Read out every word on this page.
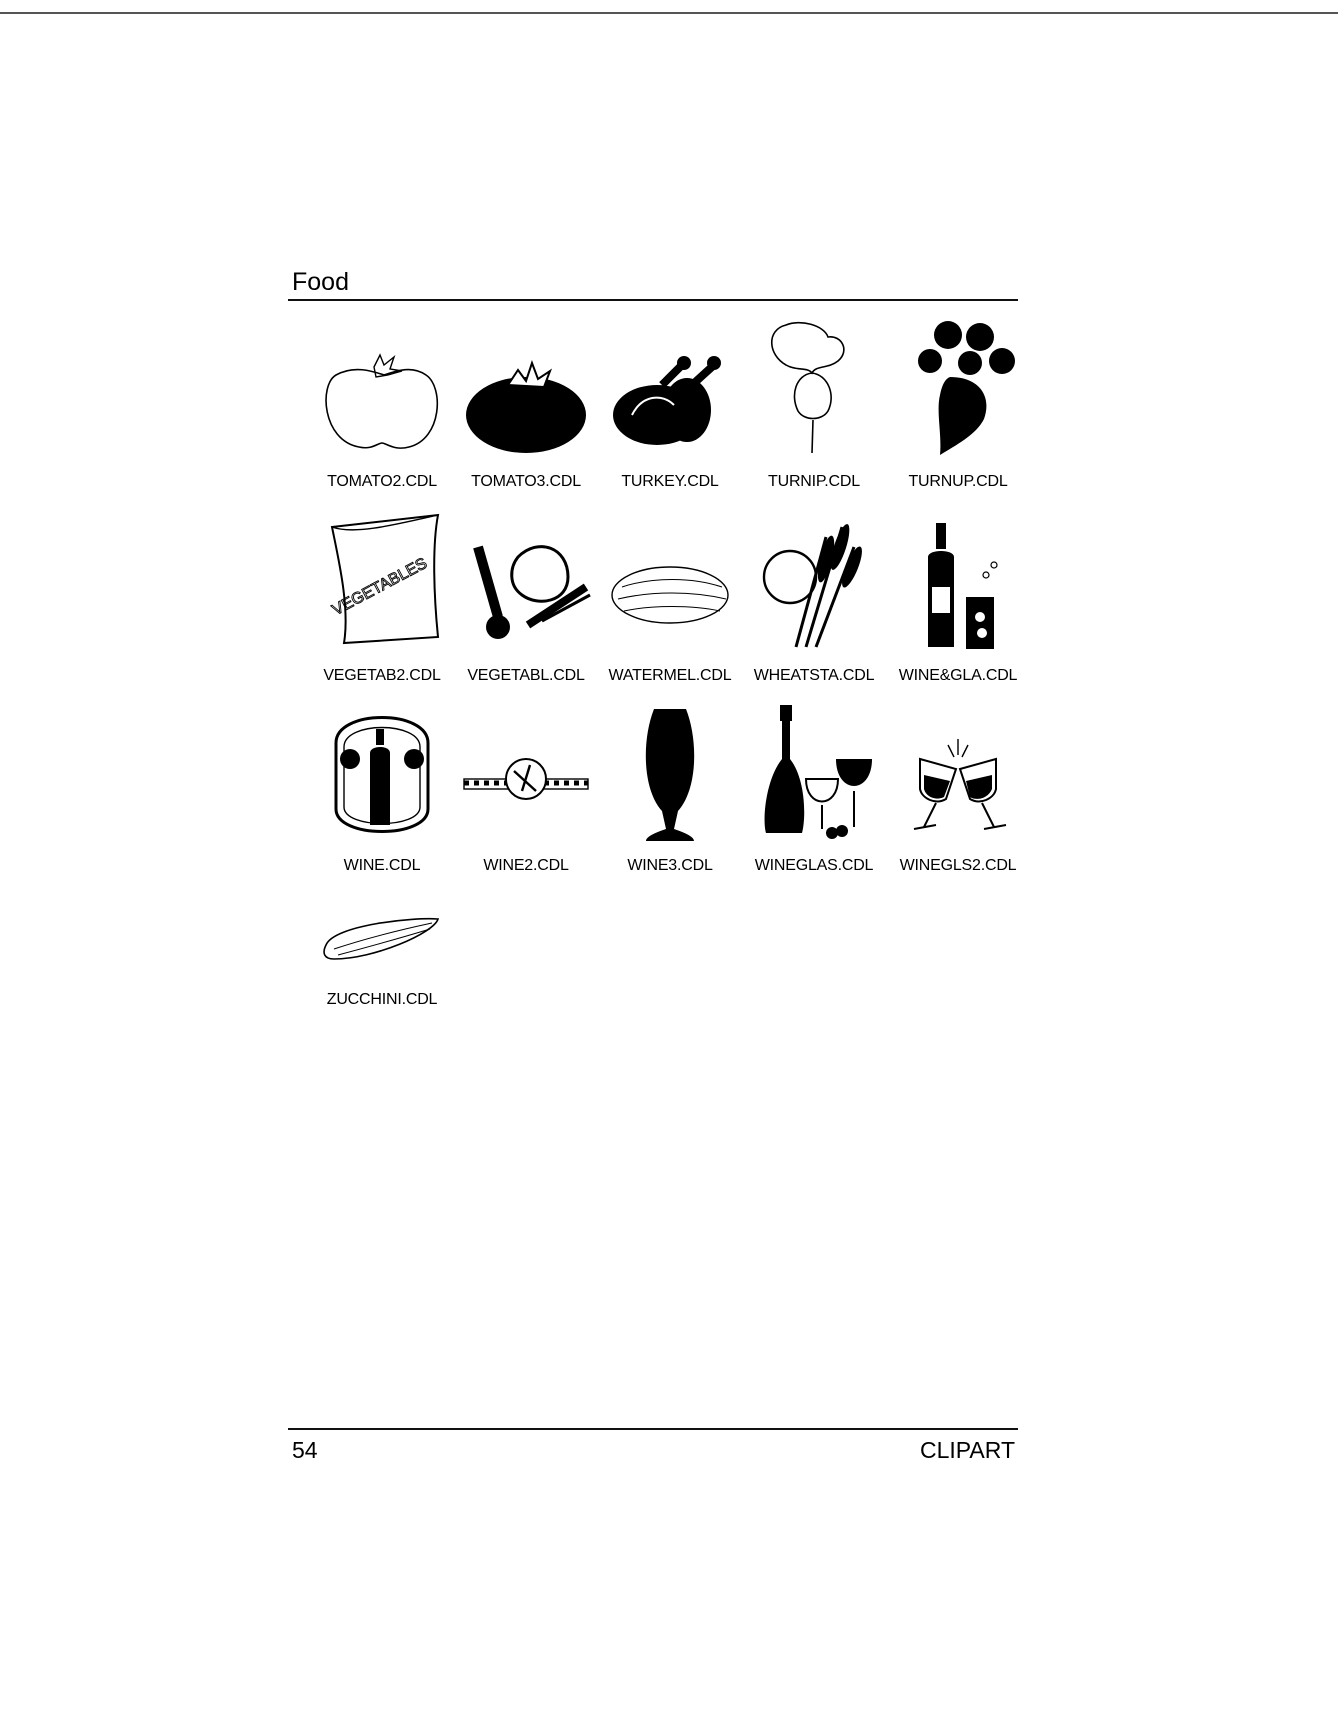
Food
TOMATO2.CDL	TOMATO3.CDL	TURKEY.CDL	TURNIP.CDL	TURNUP.CDL
VEGETABLES
VEGETAB2.CDL	VEGETABL.CDL	WATERMEL.CDL	WHEATSTA.CDL	WINE&GLA.CDL
WINE.CDL	WINE2.CDL	WINE3.CDL	WINEGLAS.CDL	WINEGLS2.CDL
ZUCCHINI.CDL
54	CLIPART
